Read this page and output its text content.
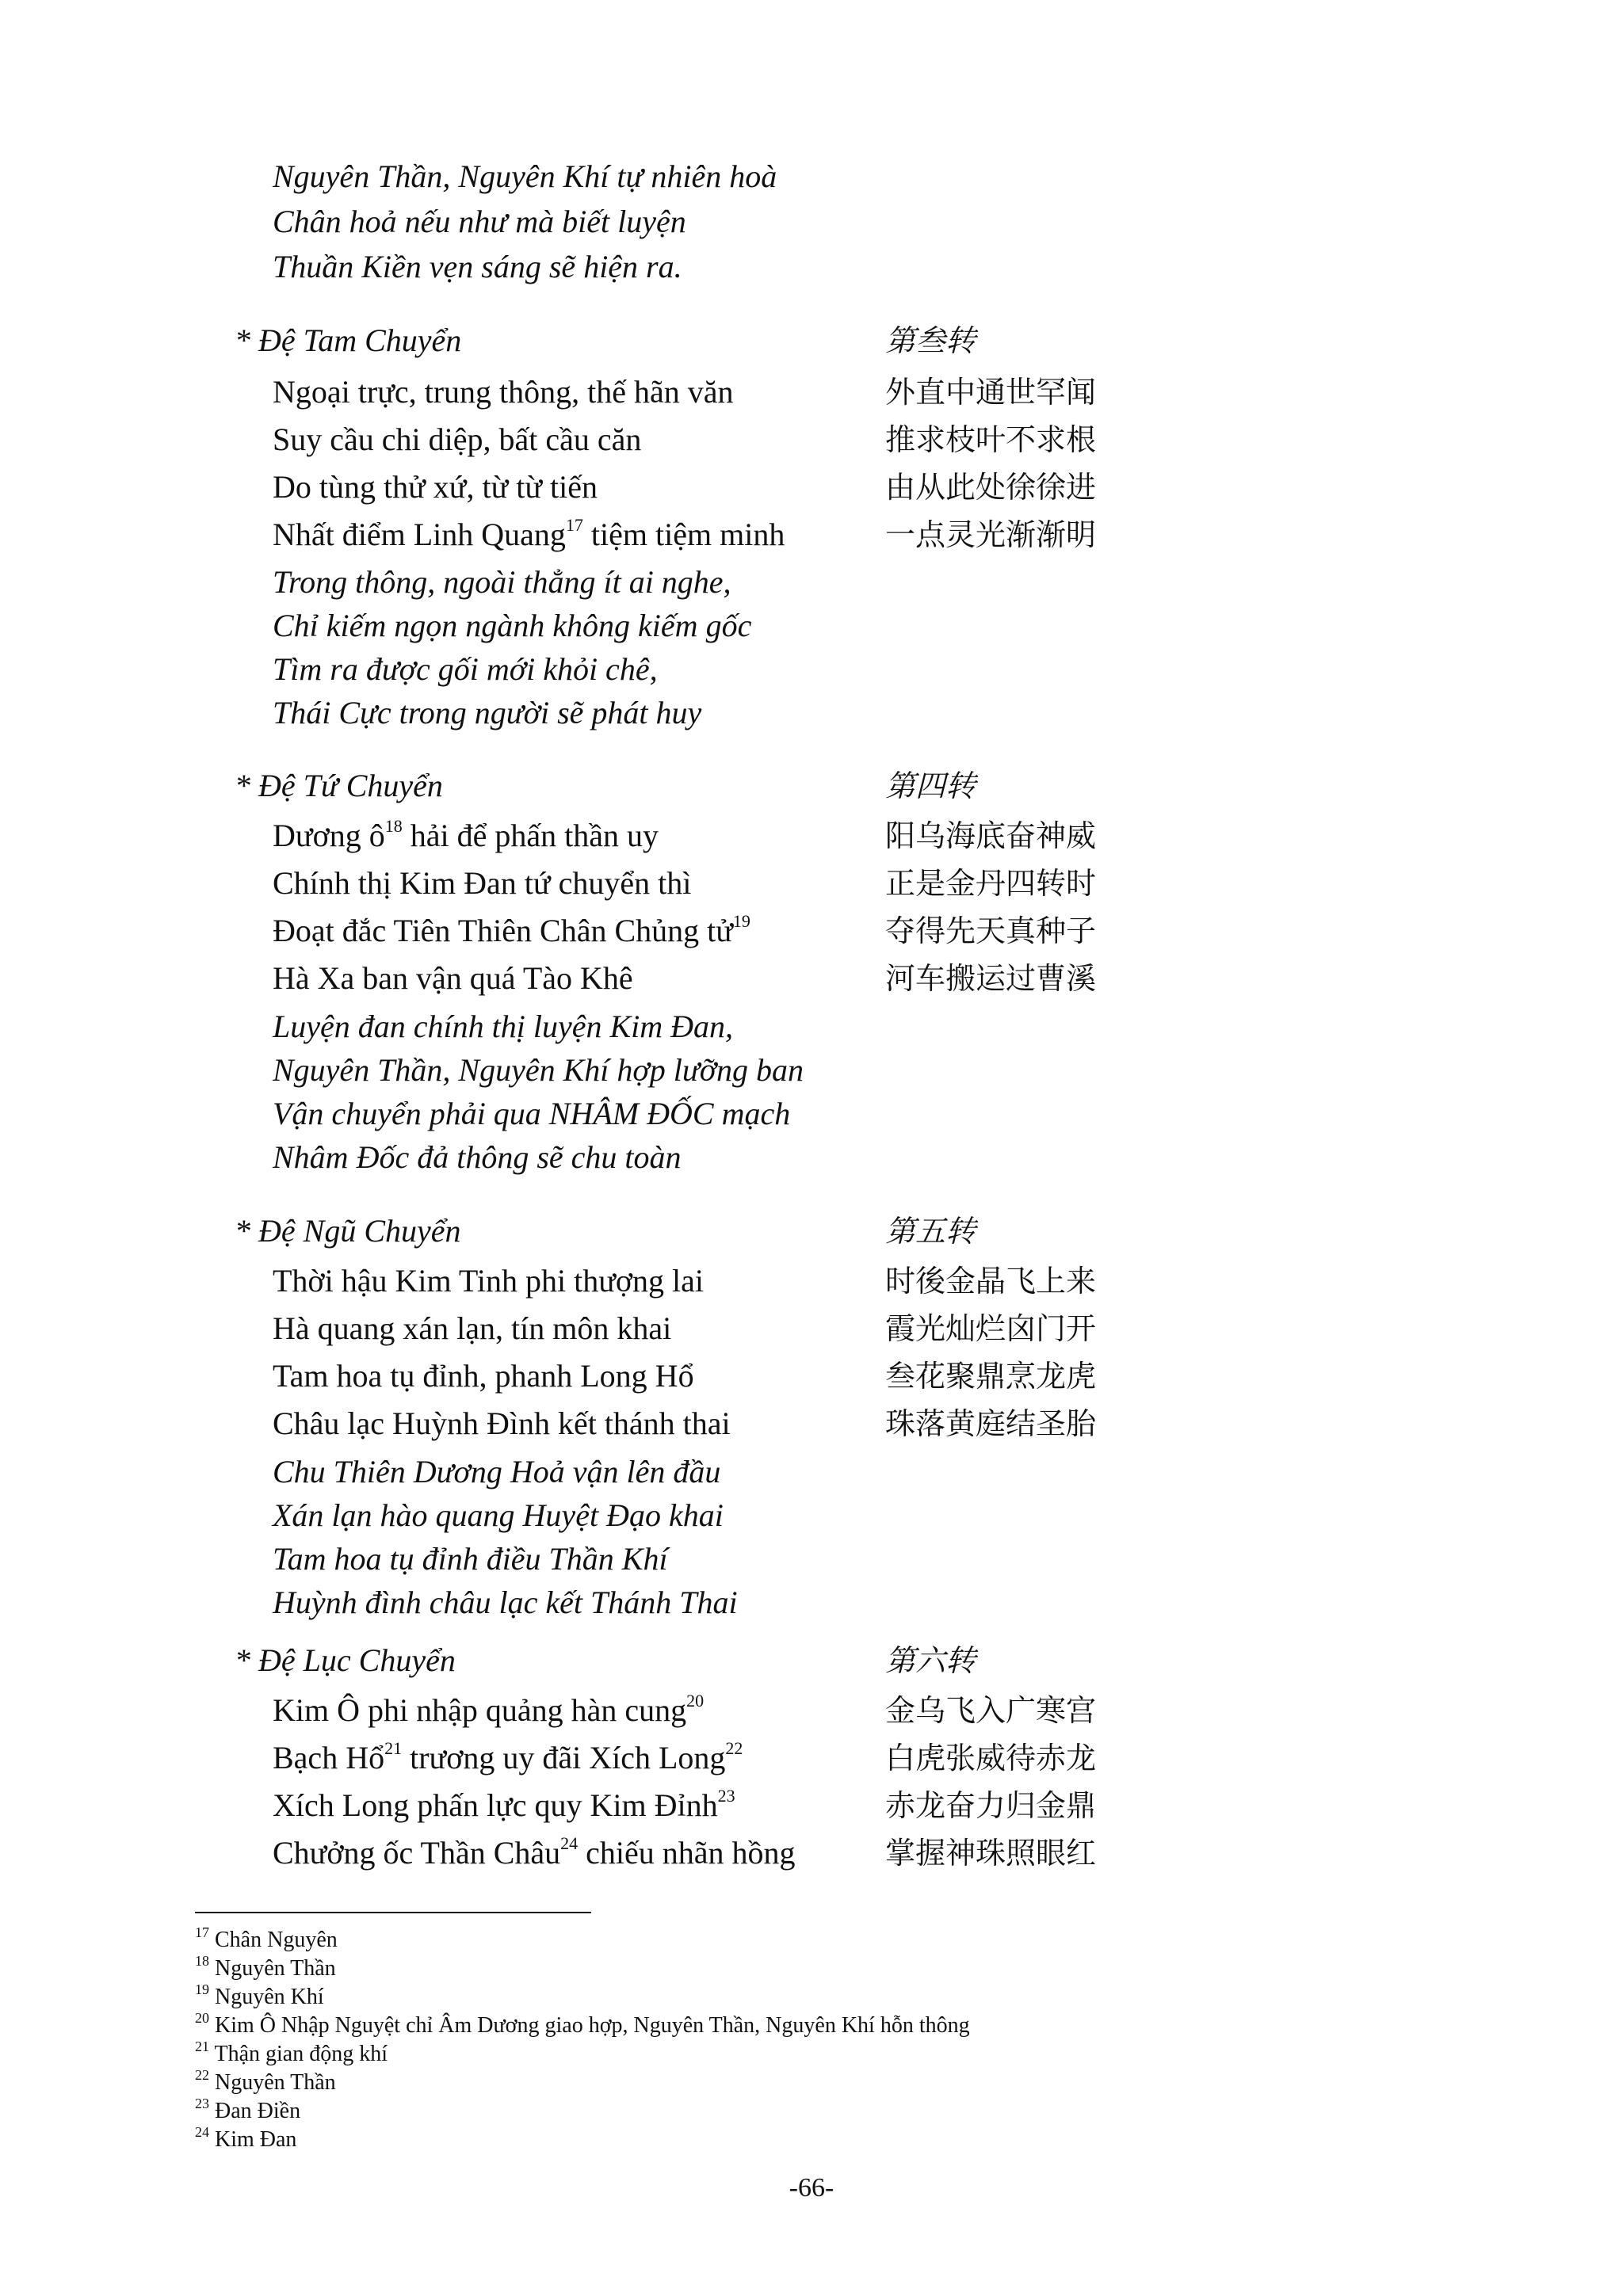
Nguyên Thần, Nguyên Khí tự nhiên hoà
Chân hoả nếu như mà biết luyện
Thuần Kiền vẹn sáng sẽ hiện ra.
* Đệ Tam Chuyển
Ngoại trực, trung thông, thế hãn văn
Suy cầu chi diệp, bất cầu căn
Do tùng thử xứ, từ từ tiến
Nhất điểm Linh Quang$^{17}$ tiệm tiệm minh
Trong thông, ngoài thẳng ít ai nghe,
Chỉ kiếm ngọn ngành không kiếm gốc
Tìm ra được gối mới khỏi chê,
Thái Cực trong người sẽ phát huy
* Đệ Tứ Chuyển
Dương $ô^{18}$ hải để phấn thần uy
Chính thị Kim Đan tứ chuyển thì
Đoạt đắc Tiên Thiên Chân Chủng tử$^{19}$
Hà Xa ban vận quá Tào Khê
Luyện đan chính thị luyện Kim Đan,
Nguyên Thần, Nguyên Khí hợp lưỡng ban
Vận chuyển phải qua NHÂM ĐỐC mạch
Nhâm Đốc đả thông sẽ chu toàn
* Đệ Ngũ Chuyển
Thời hậu Kim Tinh phi thượng lai
Hà quang xán lạn, tín môn khai
Tam hoa tụ đỉnh, phanh Long Hổ
Châu lạc Huỳnh Đình kết thánh thai
Chu Thiên Dương Hoả vận lên đầu
Xán lạn hào quang Huyệt Đạo khai
Tam hoa tụ đỉnh điều Thần Khí
Huỳnh đình châu lạc kết Thánh Thai
* Đệ Lục Chuyển
Kim Ô phi nhập quảng hàn cung$^{20}$
Bạch Hổ$^{21}$ trương uy đãi Xích Long$^{22}$
Xích Long phấn lực quy Kim Đỉnh$^{23}$
Chưởng ốc Thần Châu$^{24}$ chiếu nhãn hồng
第叁转
外直中通世罕闻
推求枝叶不求根
由从此处徐徐进
一点灵光渐渐明
第四转
阳乌海底奋神威
正是金丹四转时
夺得先天真种子
河车搬运过曹溪
第五转
时後金晶飞上来
霞光灿烂囟门开
叁花聚鼎烹龙虎
珠落黄庭结圣胎
第六转
金乌飞入广寒宫
白虎张威待赤龙
赤龙奋力归金鼎
掌握神珠照眼红
$^{17}$ Chân Nguyên
$^{18}$ Nguyên Thần
$^{19}$ Nguyên Khí
$^{20}$ Kim Ô Nhập Nguyệt chỉ Âm Dương giao hợp, Nguyên Thần, Nguyên Khí hỗn thông
$^{21}$ Thận gian động khí
$^{22}$ Nguyên Thần
$^{23}$ Đan Điền
$^{24}$ Kim Đan
-66-
